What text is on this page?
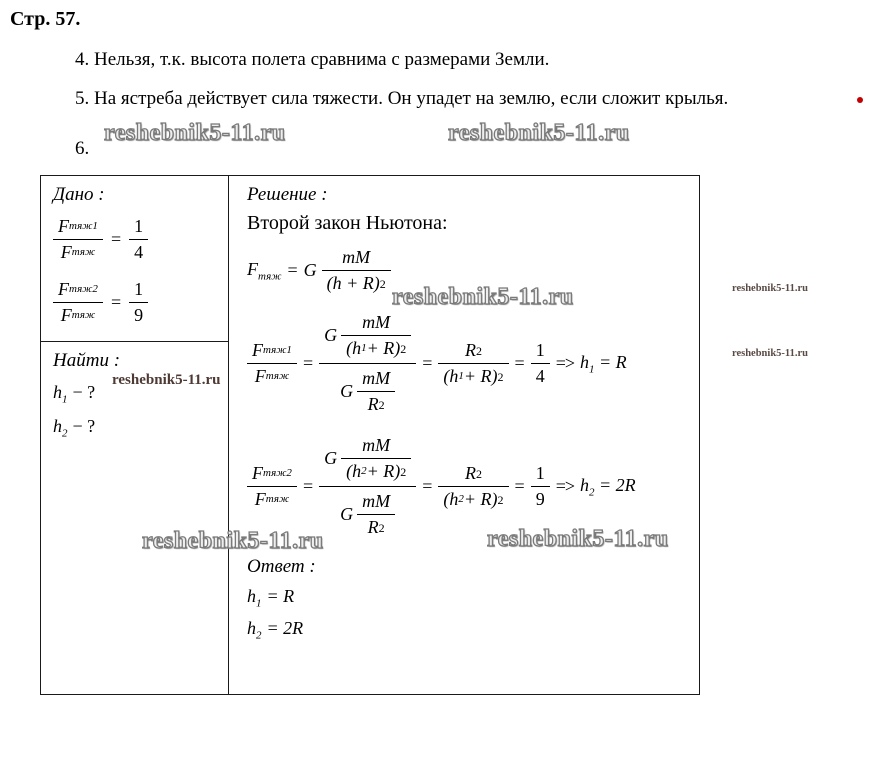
Стр. 57.
4. Нельзя, т.к. высота полета сравнима с размерами Земли.
5. На ястреба действует сила тяжести. Он упадет на землю, если сложит крылья.
6.
Дано :
$\frac{\text{F тяж1}}{\text{F тяж}} = \frac{1}{4}$
$\frac{\text{F тяж2}}{\text{F тяж}} = \frac{1}{9}$
Найти :
$h_1$ − ?
$h_2$ − ?
Решение :
Второй закон Ньютона:
$F_{тяж} = G \frac{mM}{(h + R) 2}$
$\frac{\text{F тяж1}}{\text{F тяж}} = \frac{G \frac{mM}{(h 1 + R) 2}}{G \frac{mM}{R 2}} = \frac{R 2}{(h 1 + R) 2} = \frac{1}{4} => h_1 = R$
$\frac{\text{F тяж2}}{\text{F тяж}} = \frac{G \frac{mM}{(h 2 + R) 2}}{G \frac{mM}{R 2}} = \frac{R 2}{(h 2 + R) 2} = \frac{1}{9} => h_2 = 2R$
Ответ :
$h_1 = R$
$h_2 = 2R$
reshebnik5-11.ru	reshebnik5-11.ru
reshebnik5-11.ru
reshebnik5-11.ru
reshebnik5-11.ru	reshebnik5-11.ru
reshebnik5-11.ru
reshebnik5-11.ru
